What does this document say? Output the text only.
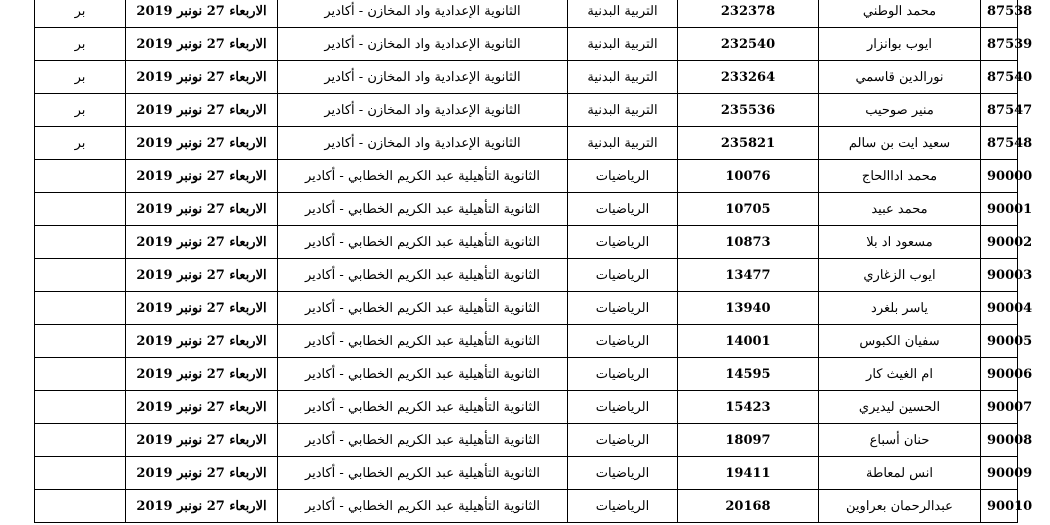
بر	الاربعاء 27 نونبر 2019	الثانوية الإعدادية واد المخازن - أكادير	التربية البدنية	232378	محمد الوطني	87538
بر	الاربعاء 27 نونبر 2019	الثانوية الإعدادية واد المخازن - أكادير	التربية البدنية	232540	ايوب بوانزار	87539
بر	الاربعاء 27 نونبر 2019	الثانوية الإعدادية واد المخازن - أكادير	التربية البدنية	233264	نورالدين قاسمي	87540
بر	الاربعاء 27 نونبر 2019	الثانوية الإعدادية واد المخازن - أكادير	التربية البدنية	235536	منير صوحيب	87547
بر	الاربعاء 27 نونبر 2019	الثانوية الإعدادية واد المخازن - أكادير	التربية البدنية	235821	سعيد ايت بن سالم	87548
	الاربعاء 27 نونبر 2019	الثانوية التأهيلية عبد الكريم الخطابي - أكادير	الرياضيات	10076	محمد اداالحاج	90000
	الاربعاء 27 نونبر 2019	الثانوية التأهيلية عبد الكريم الخطابي - أكادير	الرياضيات	10705	محمد عبيد	90001
	الاربعاء 27 نونبر 2019	الثانوية التأهيلية عبد الكريم الخطابي - أكادير	الرياضيات	10873	مسعود اد بلا	90002
	الاربعاء 27 نونبر 2019	الثانوية التأهيلية عبد الكريم الخطابي - أكادير	الرياضيات	13477	ايوب الزغاري	90003
	الاربعاء 27 نونبر 2019	الثانوية التأهيلية عبد الكريم الخطابي - أكادير	الرياضيات	13940	ياسر بلغرد	90004
	الاربعاء 27 نونبر 2019	الثانوية التأهيلية عبد الكريم الخطابي - أكادير	الرياضيات	14001	سفيان الكبوس	90005
	الاربعاء 27 نونبر 2019	الثانوية التأهيلية عبد الكريم الخطابي - أكادير	الرياضيات	14595	ام الغيث كار	90006
	الاربعاء 27 نونبر 2019	الثانوية التأهيلية عبد الكريم الخطابي - أكادير	الرياضيات	15423	الحسين ليديري	90007
	الاربعاء 27 نونبر 2019	الثانوية التأهيلية عبد الكريم الخطابي - أكادير	الرياضيات	18097	حنان أسباع	90008
	الاربعاء 27 نونبر 2019	الثانوية التأهيلية عبد الكريم الخطابي - أكادير	الرياضيات	19411	انس لمعاطة	90009
	الاربعاء 27 نونبر 2019	الثانوية التأهيلية عبد الكريم الخطابي - أكادير	الرياضيات	20168	عبدالرحمان بعراوين	90010
